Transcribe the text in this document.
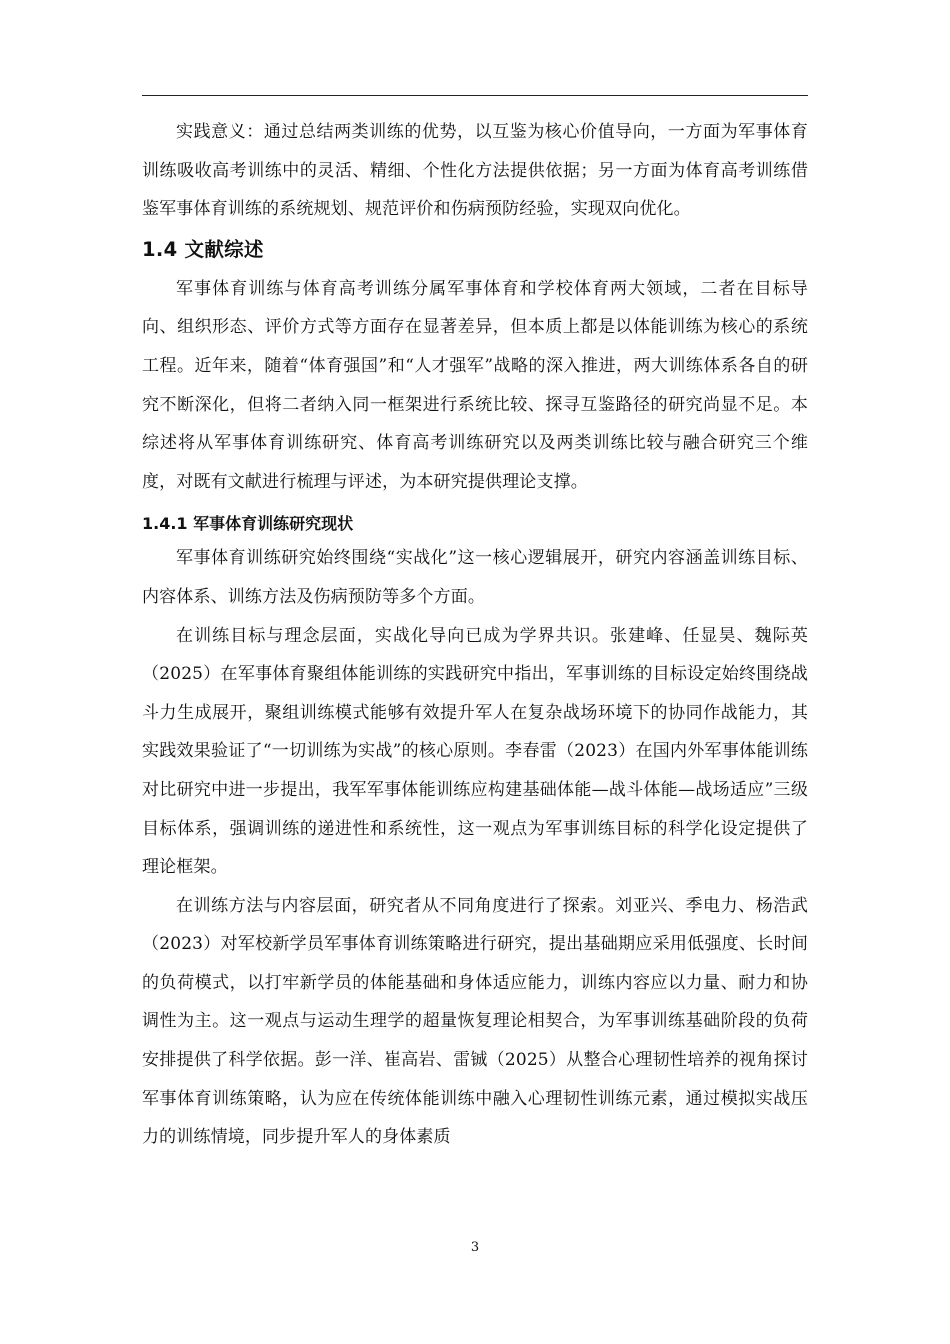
实践意义：通过总结两类训练的优势，以互鉴为核心价值导向，一方面为军事体育训练吸收高考训练中的灵活、精细、个性化方法提供依据；另一方面为体育高考训练借鉴军事体育训练的系统规划、规范评价和伤病预防经验，实现双向优化。

1.4 文献综述

军事体育训练与体育高考训练分属军事体育和学校体育两大领域，二者在目标导向、组织形态、评价方式等方面存在显著差异，但本质上都是以体能训练为核心的系统工程。近年来，随着“体育强国”和“人才强军”战略的深入推进，两大训练体系各自的研究不断深化，但将二者纳入同一框架进行系统比较、探寻互鉴路径的研究尚显不足。本综述将从军事体育训练研究、体育高考训练研究以及两类训练比较与融合研究三个维度，对既有文献进行梳理与评述，为本研究提供理论支撑。

1.4.1 军事体育训练研究现状

军事体育训练研究始终围绕“实战化”这一核心逻辑展开，研究内容涵盖训练目标、内容体系、训练方法及伤病预防等多个方面。

在训练目标与理念层面，实战化导向已成为学界共识。张建峰、任显昊、魏际英（2025）在军事体育聚组体能训练的实践研究中指出，军事训练的目标设定始终围绕战斗力生成展开，聚组训练模式能够有效提升军人在复杂战场环境下的协同作战能力，其实践效果验证了“一切训练为实战”的核心原则。李春雷（2023）在国内外军事体能训练对比研究中进一步提出，我军军事体能训练应构建基础体能—战斗体能—战场适应”三级目标体系，强调训练的递进性和系统性，这一观点为军事训练目标的科学化设定提供了理论框架。

在训练方法与内容层面，研究者从不同角度进行了探索。刘亚兴、季电力、杨浩武（2023）对军校新学员军事体育训练策略进行研究，提出基础期应采用低强度、长时间的负荷模式，以打牢新学员的体能基础和身体适应能力，训练内容应以力量、耐力和协调性为主。这一观点与运动生理学的超量恢复理论相契合，为军事训练基础阶段的负荷安排提供了科学依据。彭一洋、崔高岩、雷铖（2025）从整合心理韧性培养的视角探讨军事体育训练策略，认为应在传统体能训练中融入心理韧性训练元素，通过模拟实战压力的训练情境，同步提升军人的身体素质

3
